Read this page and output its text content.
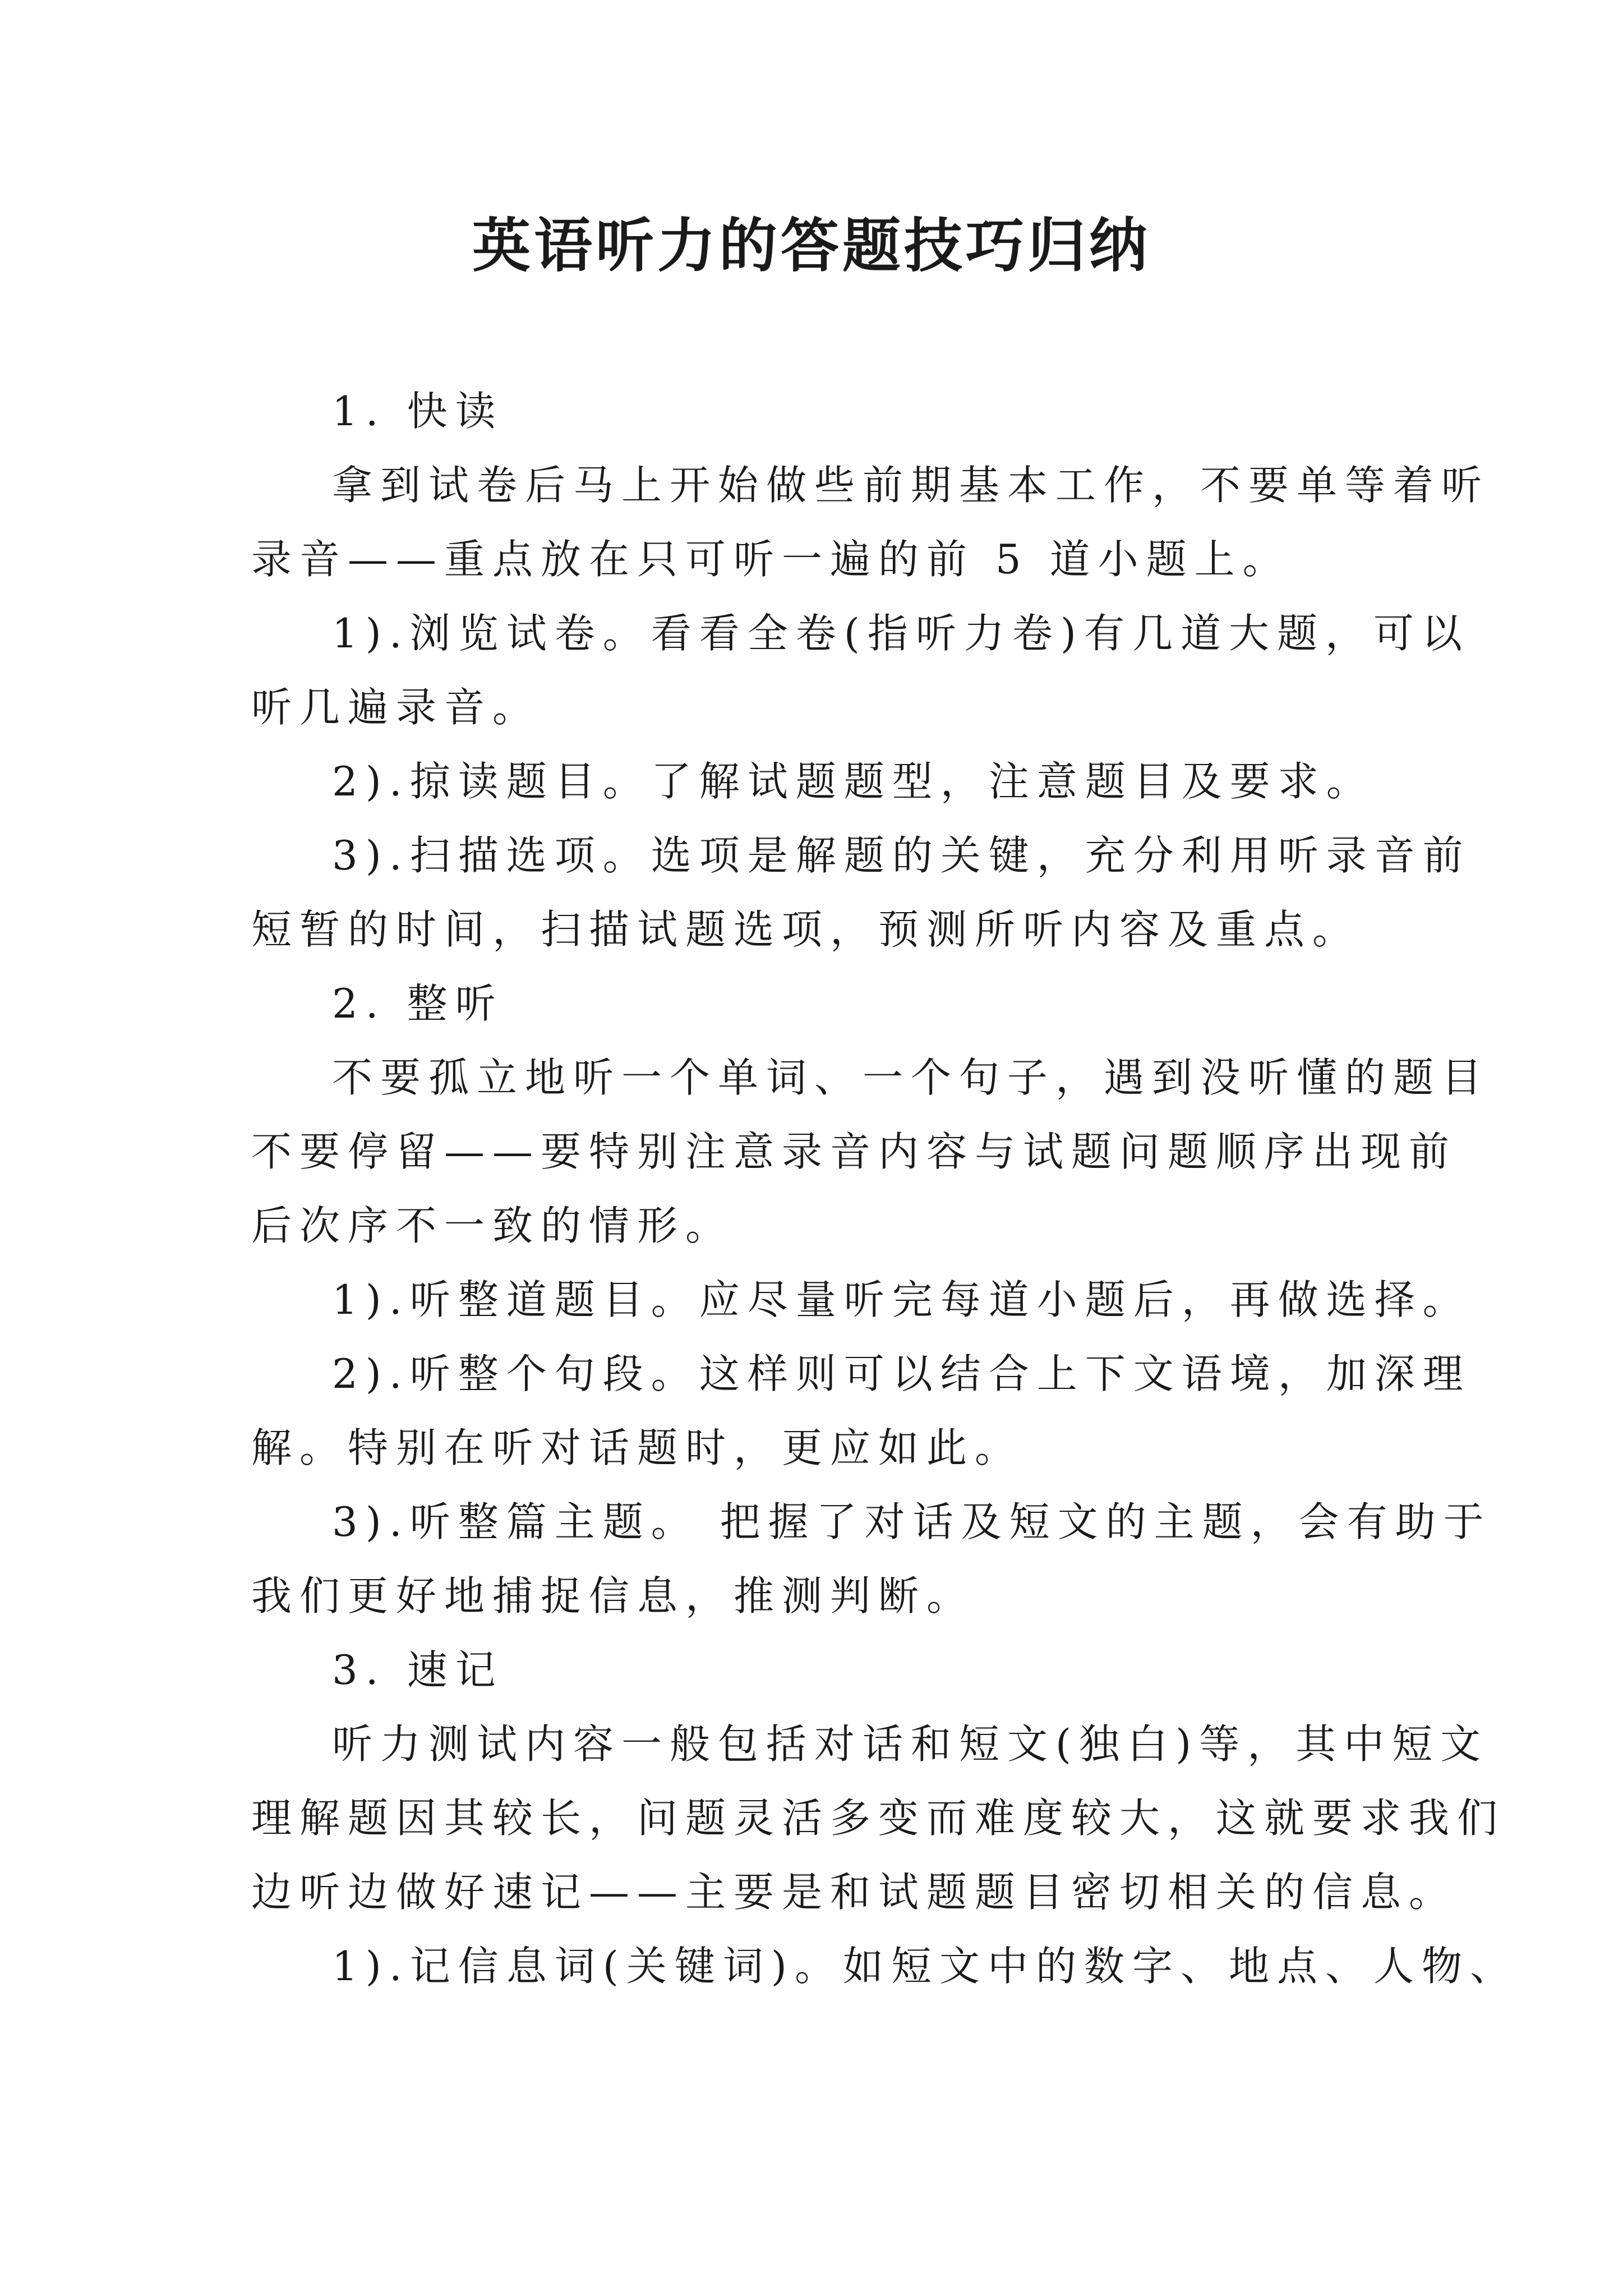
英语听力的答题技巧归纳
1. 快读
拿到试卷后马上开始做些前期基本工作，不要单等着听
录音——重点放在只可听一遍的前 5 道小题上。
1).浏览试卷。看看全卷(指听力卷)有几道大题，可以
听几遍录音。
2).掠读题目。了解试题题型，注意题目及要求。
3).扫描选项。选项是解题的关键，充分利用听录音前
短暂的时间，扫描试题选项，预测所听内容及重点。
2. 整听
不要孤立地听一个单词、一个句子，遇到没听懂的题目
不要停留——要特别注意录音内容与试题问题顺序出现前
后次序不一致的情形。
1).听整道题目。应尽量听完每道小题后，再做选择。
2).听整个句段。这样则可以结合上下文语境，加深理
解。特别在听对话题时，更应如此。
3).听整篇主题。 把握了对话及短文的主题，会有助于
我们更好地捕捉信息，推测判断。
3. 速记
听力测试内容一般包括对话和短文(独白)等，其中短文
理解题因其较长，问题灵活多变而难度较大，这就要求我们
边听边做好速记——主要是和试题题目密切相关的信息。
1).记信息词(关键词)。如短文中的数字、地点、人物、
